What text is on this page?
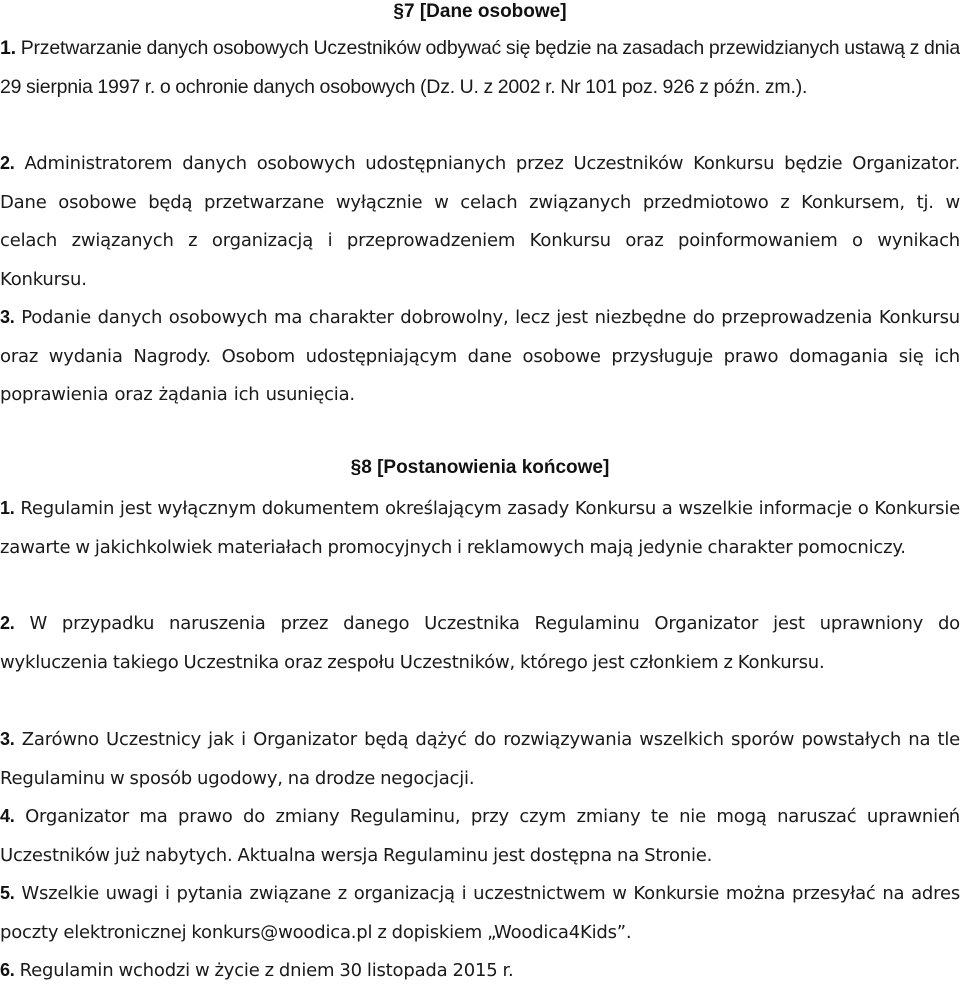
§7 [Dane osobowe]

1. Przetwarzanie danych osobowych Uczestników odbywać się będzie na zasadach przewidzianych ustawą z dnia 29 sierpnia 1997 r. o ochronie danych osobowych (Dz. U. z 2002 r. Nr 101 poz. 926 z późn. zm.).

2. Administratorem danych osobowych udostępnianych przez Uczestników Konkursu będzie Organizator. Dane osobowe będą przetwarzane wyłącznie w celach związanych przedmiotowo z Konkursem, tj. w celach związanych z organizacją i przeprowadzeniem Konkursu oraz poinformowaniem o wynikach Konkursu.

3. Podanie danych osobowych ma charakter dobrowolny, lecz jest niezbędne do przeprowadzenia Konkursu oraz wydania Nagrody. Osobom udostępniającym dane osobowe przysługuje prawo domagania się ich poprawienia oraz żądania ich usunięcia.

§8 [Postanowienia końcowe]

1. Regulamin jest wyłącznym dokumentem określającym zasady Konkursu a wszelkie informacje o Konkursie zawarte w jakichkolwiek materiałach promocyjnych i reklamowych mają jedynie charakter pomocniczy.

2. W przypadku naruszenia przez danego Uczestnika Regulaminu Organizator jest uprawniony do wykluczenia takiego Uczestnika oraz zespołu Uczestników, którego jest członkiem z Konkursu.

3. Zarówno Uczestnicy jak i Organizator będą dążyć do rozwiązywania wszelkich sporów powstałych na tle Regulaminu w sposób ugodowy, na drodze negocjacji.

4. Organizator ma prawo do zmiany Regulaminu, przy czym zmiany te nie mogą naruszać uprawnień Uczestników już nabytych. Aktualna wersja Regulaminu jest dostępna na Stronie.

5. Wszelkie uwagi i pytania związane z organizacją i uczestnictwem w Konkursie można przesyłać na adres poczty elektronicznej konkurs@woodica.pl z dopiskiem „Woodica4Kids”.

6. Regulamin wchodzi w życie z dniem 30 listopada 2015 r.
